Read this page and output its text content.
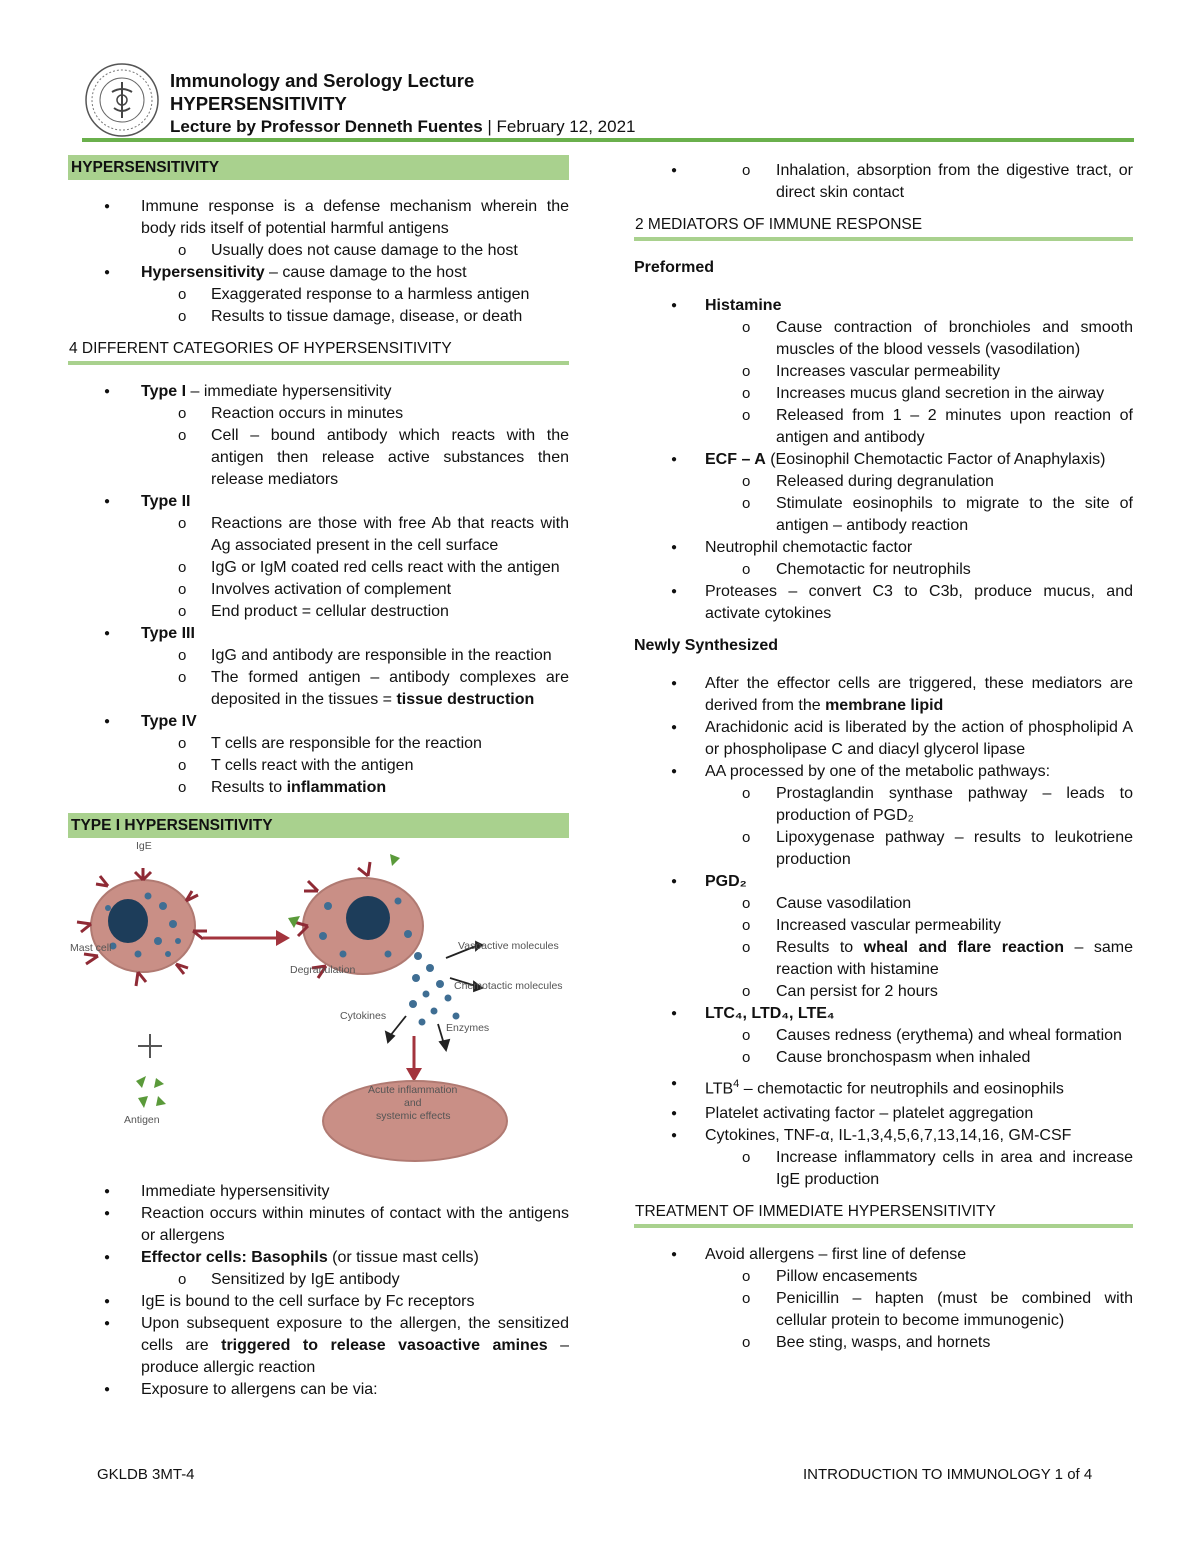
Immunology and Serology Lecture
HYPERSENSITIVITY
Lecture by Professor Denneth Fuentes | February 12, 2021
HYPERSENSITIVITY
● Immune response is a defense mechanism wherein the body rids itself of potential harmful antigens
o Usually does not cause damage to the host
● Hypersensitivity – cause damage to the host
o Exaggerated response to a harmless antigen
o Results to tissue damage, disease, or death
4 DIFFERENT CATEGORIES OF HYPERSENSITIVITY
● Type I – immediate hypersensitivity
o Reaction occurs in minutes
o Cell – bound antibody which reacts with the antigen then release active substances then release mediators
● Type II
o Reactions are those with free Ab that reacts with Ag associated present in the cell surface
o IgG or IgM coated red cells react with the antigen
o Involves activation of complement
o End product = cellular destruction
● Type III
o IgG and antibody are responsible in the reaction
o The formed antigen – antibody complexes are deposited in the tissues = tissue destruction
● Type IV
o T cells are responsible for the reaction
o T cells react with the antigen
o Results to inflammation
TYPE I HYPERSENSITIVITY
IgE
Mast cell
Antigen
Degranulation
Vasoactive molecules
Chemotactic molecules
Cytokines
Enzymes
Acute inflammation
and
systemic effects
● Immediate hypersensitivity
● Reaction occurs within minutes of contact with the antigens or allergens
● Effector cells: Basophils (or tissue mast cells)
o Sensitized by IgE antibody
● IgE is bound to the cell surface by Fc receptors
● Upon subsequent exposure to the allergen, the sensitized cells are triggered to release vasoactive amines – produce allergic reaction
● Exposure to allergens can be via:
o ● Inhalation, absorption from the digestive tract, or direct skin contact
2 MEDIATORS OF IMMUNE RESPONSE
Preformed
● Histamine
o Cause contraction of bronchioles and smooth muscles of the blood vessels (vasodilation)
o Increases vascular permeability
o Increases mucus gland secretion in the airway
o Released from 1 – 2 minutes upon reaction of antigen and antibody
● ECF – A (Eosinophil Chemotactic Factor of Anaphylaxis)
o Released during degranulation
o Stimulate eosinophils to migrate to the site of antigen – antibody reaction
● Neutrophil chemotactic factor
o Chemotactic for neutrophils
● Proteases – convert C3 to C3b, produce mucus, and activate cytokines
Newly Synthesized
● After the effector cells are triggered, these mediators are derived from the membrane lipid
● Arachidonic acid is liberated by the action of phospholipid A or phospholipase C and diacyl glycerol lipase
● AA processed by one of the metabolic pathways:
o Prostaglandin synthase pathway – leads to production of PGD₂
o Lipoxygenase pathway – results to leukotriene production
● PGD₂
o Cause vasodilation
o Increased vascular permeability
o Results to wheal and flare reaction – same reaction with histamine
o Can persist for 2 hours
● LTC₄, LTD₄, LTE₄
o Causes redness (erythema) and wheal formation
o Cause bronchospasm when inhaled
● LTB$^4$ – chemotactic for neutrophils and eosinophils
● Platelet activating factor – platelet aggregation
● Cytokines, TNF-α, IL-1,3,4,5,6,7,13,14,16, GM-CSF
o Increase inflammatory cells in area and increase IgE production
TREATMENT OF IMMEDIATE HYPERSENSITIVITY
● Avoid allergens – first line of defense
o Pillow encasements
o Penicillin – hapten (must be combined with cellular protein to become immunogenic)
o Bee sting, wasps, and hornets
GKLDB 3MT-4	INTRODUCTION TO IMMUNOLOGY 1 of 4
